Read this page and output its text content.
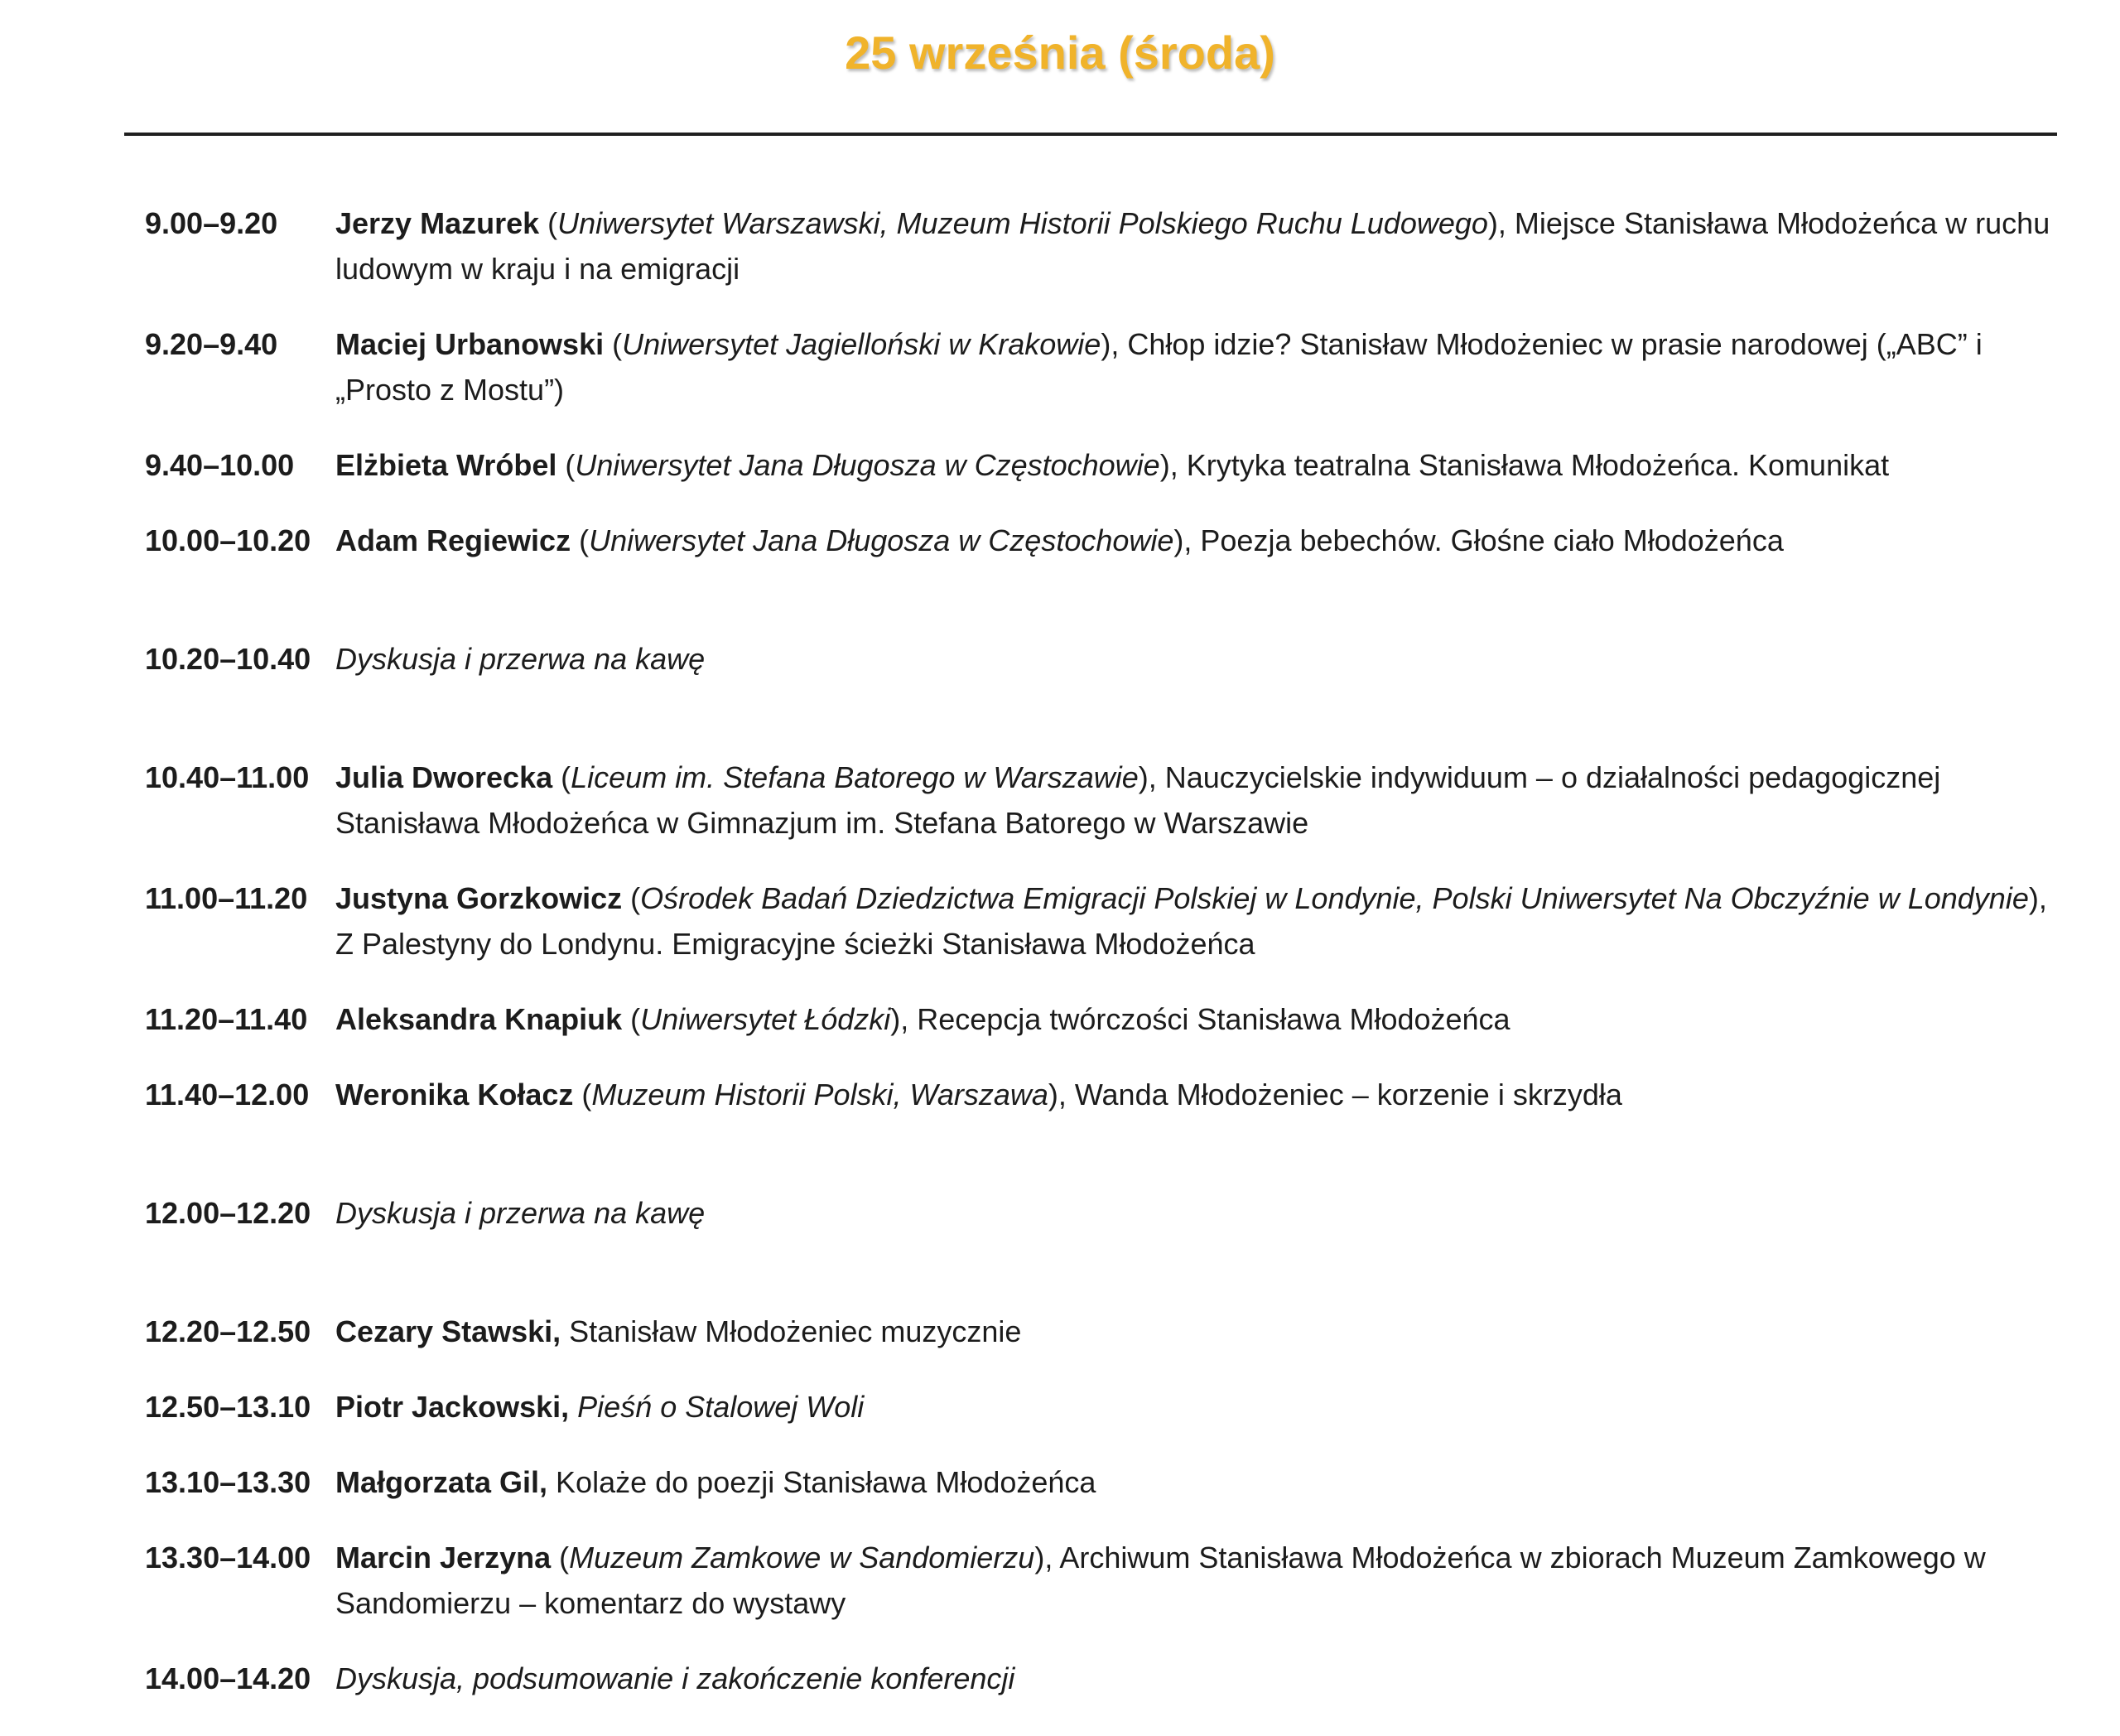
25 września (środa)
9.00–9.20	Jerzy Mazurek (Uniwersytet Warszawski, Muzeum Historii Polskiego Ruchu Ludowego), Miejsce Stanisława Młodożeńca w ruchu ludowym w kraju i na emigracji
9.20–9.40	Maciej Urbanowski (Uniwersytet Jagielloński w Krakowie), Chłop idzie? Stanisław Młodożeniec w prasie narodowej („ABC” i „Prosto z Mostu”)
9.40–10.00	Elżbieta Wróbel (Uniwersytet Jana Długosza w Częstochowie), Krytyka teatralna Stanisława Młodożeńca. Komunikat
10.00–10.20 Adam Regiewicz (Uniwersytet Jana Długosza w Częstochowie), Poezja bebechów. Głośne ciało Młodożeńca
10.20–10.40 Dyskusja i przerwa na kawę
10.40–11.00 Julia Dworecka (Liceum im. Stefana Batorego w Warszawie), Nauczycielskie indywiduum – o działalności pedagogicznej Stanisława Młodożeńca w Gimnazjum im. Stefana Batorego w Warszawie
11.00–11.20 Justyna Gorzkowicz (Ośrodek Badań Dziedzictwa Emigracji Polskiej w Londynie, Polski Uniwersytet Na Obczyźnie w Londynie), Z Palestyny do Londynu. Emigracyjne ścieżki Stanisława Młodożeńca
11.20–11.40 Aleksandra Knapiuk (Uniwersytet Łódzki), Recepcja twórczości Stanisława Młodożeńca
11.40–12.00 Weronika Kołacz (Muzeum Historii Polski, Warszawa), Wanda Młodożeniec – korzenie i skrzydła
12.00–12.20 Dyskusja i przerwa na kawę
12.20–12.50 Cezary Stawski, Stanisław Młodożeniec muzycznie
12.50–13.10 Piotr Jackowski, Pieśń o Stalowej Woli
13.10–13.30 Małgorzata Gil, Kolaże do poezji Stanisława Młodożeńca
13.30–14.00 Marcin Jerzyna (Muzeum Zamkowe w Sandomierzu), Archiwum Stanisława Młodożeńca w zbiorach Muzeum Zamkowego w Sandomierzu – komentarz do wystawy
14.00–14.20 Dyskusja, podsumowanie i zakończenie konferencji
